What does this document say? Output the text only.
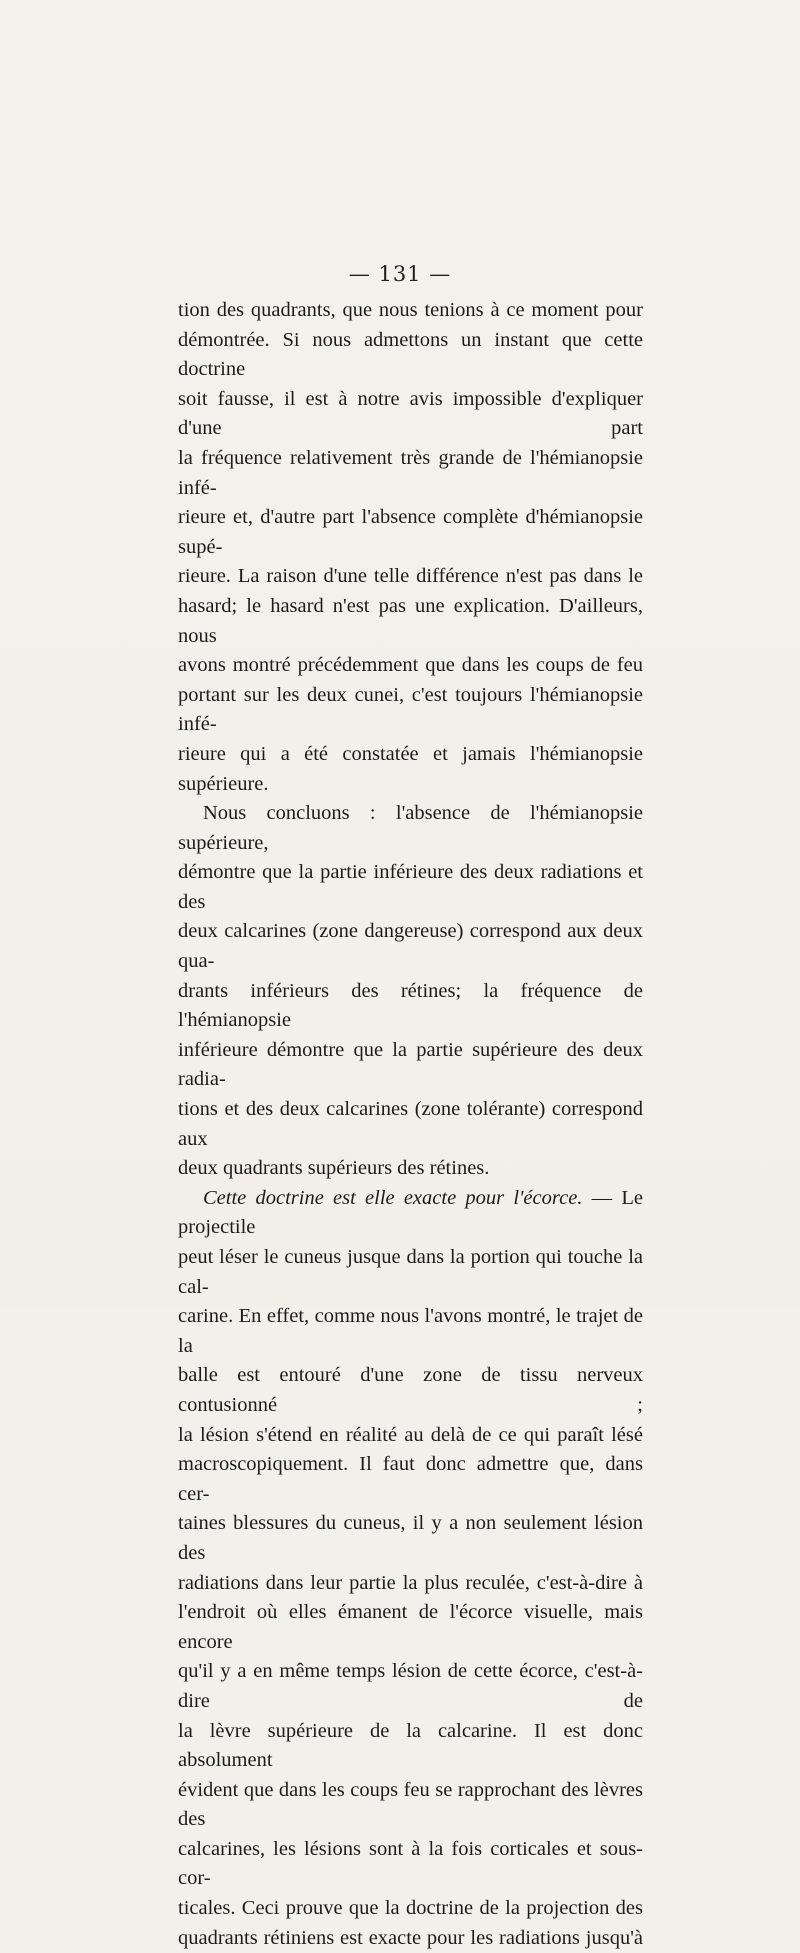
— 131 —

tion des quadrants, que nous tenions à ce moment pour

démontrée. Si nous admettons un instant que cette doctrine

soit fausse, il est à notre avis impossible d'expliquer d'une part

la fréquence relativement très grande de l'hémianopsie infé-

rieure et, d'autre part l'absence complète d'hémianopsie supé-

rieure. La raison d'une telle différence n'est pas dans le

hasard; le hasard n'est pas une explication. D'ailleurs, nous

avons montré précédemment que dans les coups de feu

portant sur les deux cunei, c'est toujours l'hémianopsie infé-

rieure qui a été constatée et jamais l'hémianopsie supérieure.

Nous concluons : l'absence de l'hémianopsie supérieure,

démontre que la partie inférieure des deux radiations et des

deux calcarines (zone dangereuse) correspond aux deux qua-

drants inférieurs des rétines; la fréquence de l'hémianopsie

inférieure démontre que la partie supérieure des deux radia-

tions et des deux calcarines (zone tolérante) correspond aux

deux quadrants supérieurs des rétines.

Cette doctrine est elle exacte pour l'écorce. — Le projectile

peut léser le cuneus jusque dans la portion qui touche la cal-

carine. En effet, comme nous l'avons montré, le trajet de la

balle est entouré d'une zone de tissu nerveux contusionné ;

la lésion s'étend en réalité au delà de ce qui paraît lésé

macroscopiquement. Il faut donc admettre que, dans cer-

taines blessures du cuneus, il y a non seulement lésion des

radiations dans leur partie la plus reculée, c'est-à-dire à

l'endroit où elles émanent de l'écorce visuelle, mais encore

qu'il y a en même temps lésion de cette écorce, c'est-à-dire de

la lèvre supérieure de la calcarine. Il est donc absolument

évident que dans les coups feu se rapprochant des lèvres des

calcarines, les lésions sont à la fois corticales et sous-cor-

ticales. Ceci prouve que la doctrine de la projection des

quadrants rétiniens est exacte pour les radiations jusqu'à
